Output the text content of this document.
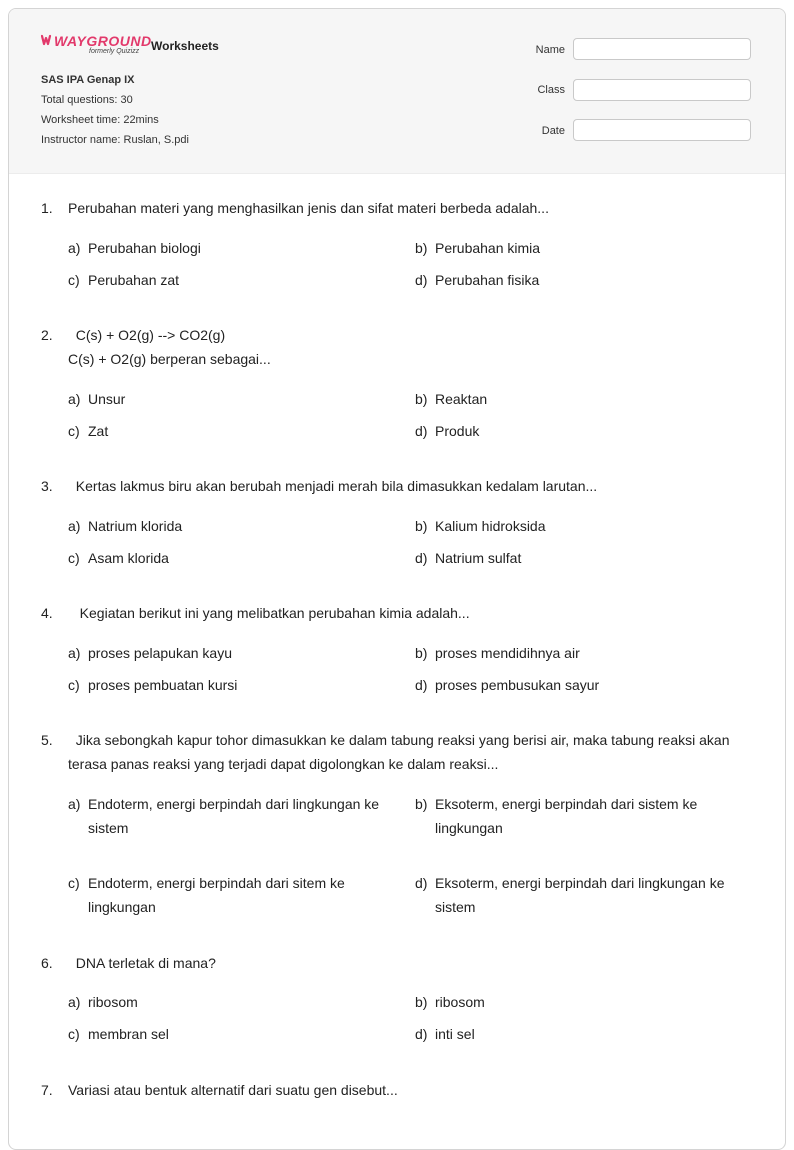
WAYGROUND
formerly Quizizz Worksheets
SAS IPA Genap IX
Total questions: 30
Worksheet time: 22mins
Instructor name: Ruslan, S.pdi
Name
Class
Date
1.	Perubahan materi yang menghasilkan jenis dan sifat materi berbeda adalah...
a) Perubahan biologi	b) Perubahan kimia
c) Perubahan zat	d) Perubahan fisika
2.	C(s) + O2(g) --> CO2(g)
C(s) + O2(g) berperan sebagai...
a) Unsur	b) Reaktan
c) Zat	d) Produk
3.	Kertas lakmus biru akan berubah menjadi merah bila dimasukkan kedalam larutan...
a) Natrium klorida	b) Kalium hidroksida
c) Asam klorida	d) Natrium sulfat
4.	Kegiatan berikut ini yang melibatkan perubahan kimia adalah...
a) proses pelapukan kayu	b) proses mendidihnya air
c) proses pembuatan kursi	d) proses pembusukan sayur
5.	Jika sebongkah kapur tohor dimasukkan ke dalam tabung reaksi yang berisi air, maka tabung reaksi akan terasa panas reaksi yang terjadi dapat digolongkan ke dalam reaksi...
a) Endoterm, energi berpindah dari lingkungan ke sistem
b) Eksoterm, energi berpindah dari sistem ke lingkungan
c) Endoterm, energi berpindah dari sitem ke lingkungan
d) Eksoterm, energi berpindah dari lingkungan ke sistem
6.	DNA terletak di mana?
a) ribosom	b) ribosom
c) membran sel	d) inti sel
7.	Variasi atau bentuk alternatif dari suatu gen disebut...
